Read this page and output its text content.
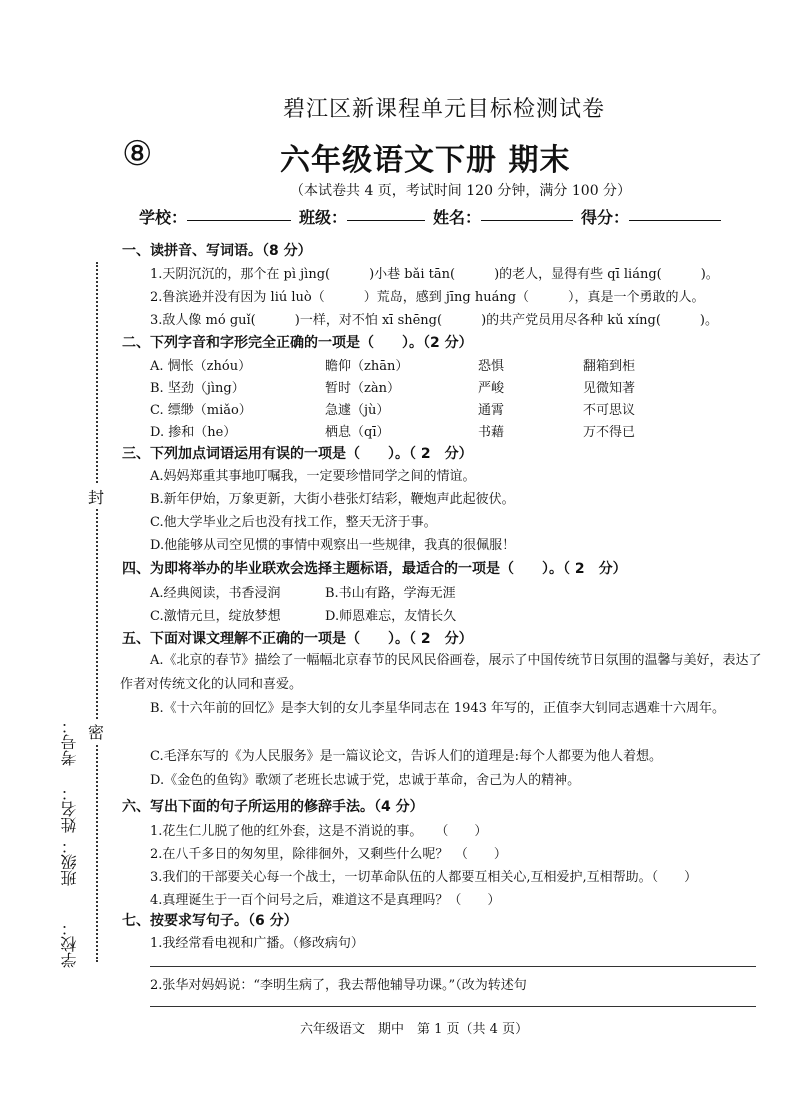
碧江区新课程单元目标检测试卷
⑧	六年级语文下册 期末
（本试卷共 4 页，考试时间 120 分钟，满分 100 分）
学校：	班级：	姓名：	得分：
封
密
学校：
班级：
姓名：
考号：
一、读拼音、写词语。（8 分）
1.天阴沉沉的，那个在 pì jìng(　　　)小巷 bǎi tān(　　　)的老人，显得有些 qī liáng(　　　)。
2.鲁滨逊并没有因为 liú luò（　　　）荒岛，感到 jīng huáng（　　　），真是一个勇敢的人。
3.敌人像 mó guǐ(　　　)一样，对不怕 xī shēng(　　　)的共产党员用尽各种 kǔ xíng(　　　)。
二、下列字音和字形完全正确的一项是（　　）。（2 分）
A. 惆怅（zhóu）	瞻仰（zhān）	恐惧	翻箱到柜
B. 坚劲（jìng）	暂时（zàn）	严峻	见微知著
C. 缥缈（miǎo）	急遽（jù）	通霄	不可思议
D. 掺和（he）	栖息（qī）	书藉	万不得已
三、下列加点词语运用有误的一项是（　　）。（ 2　分）
A.妈妈郑重其事地叮嘱我，一定要珍惜同学之间的情谊。
B.新年伊始，万象更新，大街小巷张灯结彩，鞭炮声此起彼伏。
C.他大学毕业之后也没有找工作，整天无济于事。
D.他能够从司空见惯的事情中观察出一些规律，我真的很佩服！
四、为即将举办的毕业联欢会选择主题标语，最适合的一项是（　　）。（ 2　分）
A.经典阅读，书香浸润	B.书山有路，学海无涯
C.激情元旦，绽放梦想	D.师恩难忘，友情长久
五、下面对课文理解不正确的一项是（　　）。（ 2　分）
A.《北京的春节》描绘了一幅幅北京春节的民风民俗画卷，展示了中国传统节日氛围的温馨与美好，表达了作者对传统文化的认同和喜爱。
B.《十六年前的回忆》是李大钊的女儿李星华同志在 1943 年写的，正值李大钊同志遇难十六周年。
C.毛泽东写的《为人民服务》是一篇议论文，告诉人们的道理是:每个人都要为他人着想。
D.《金色的鱼钩》歌颂了老班长忠诚于党，忠诚于革命，舍己为人的精神。
六、写出下面的句子所运用的修辞手法。（4 分）
1.花生仁儿脱了他的红外套，这是不消说的事。　　（　　）
2.在八千多日的匆匆里，除徘徊外，又剩些什么呢？　（　　）
3.我们的干部要关心每一个战士，一切革命队伍的人都要互相关心,互相爱护,互相帮助。（　　）
4.真理诞生于一百个问号之后，难道这不是真理吗？（　　）
七、按要求写句子。（6 分）
1.我经常看电视和广播。（修改病句）
2.张华对妈妈说：“李明生病了，我去帮他辅导功课。”（改为转述句
六年级语文　期中　第 1 页（共 4 页）
